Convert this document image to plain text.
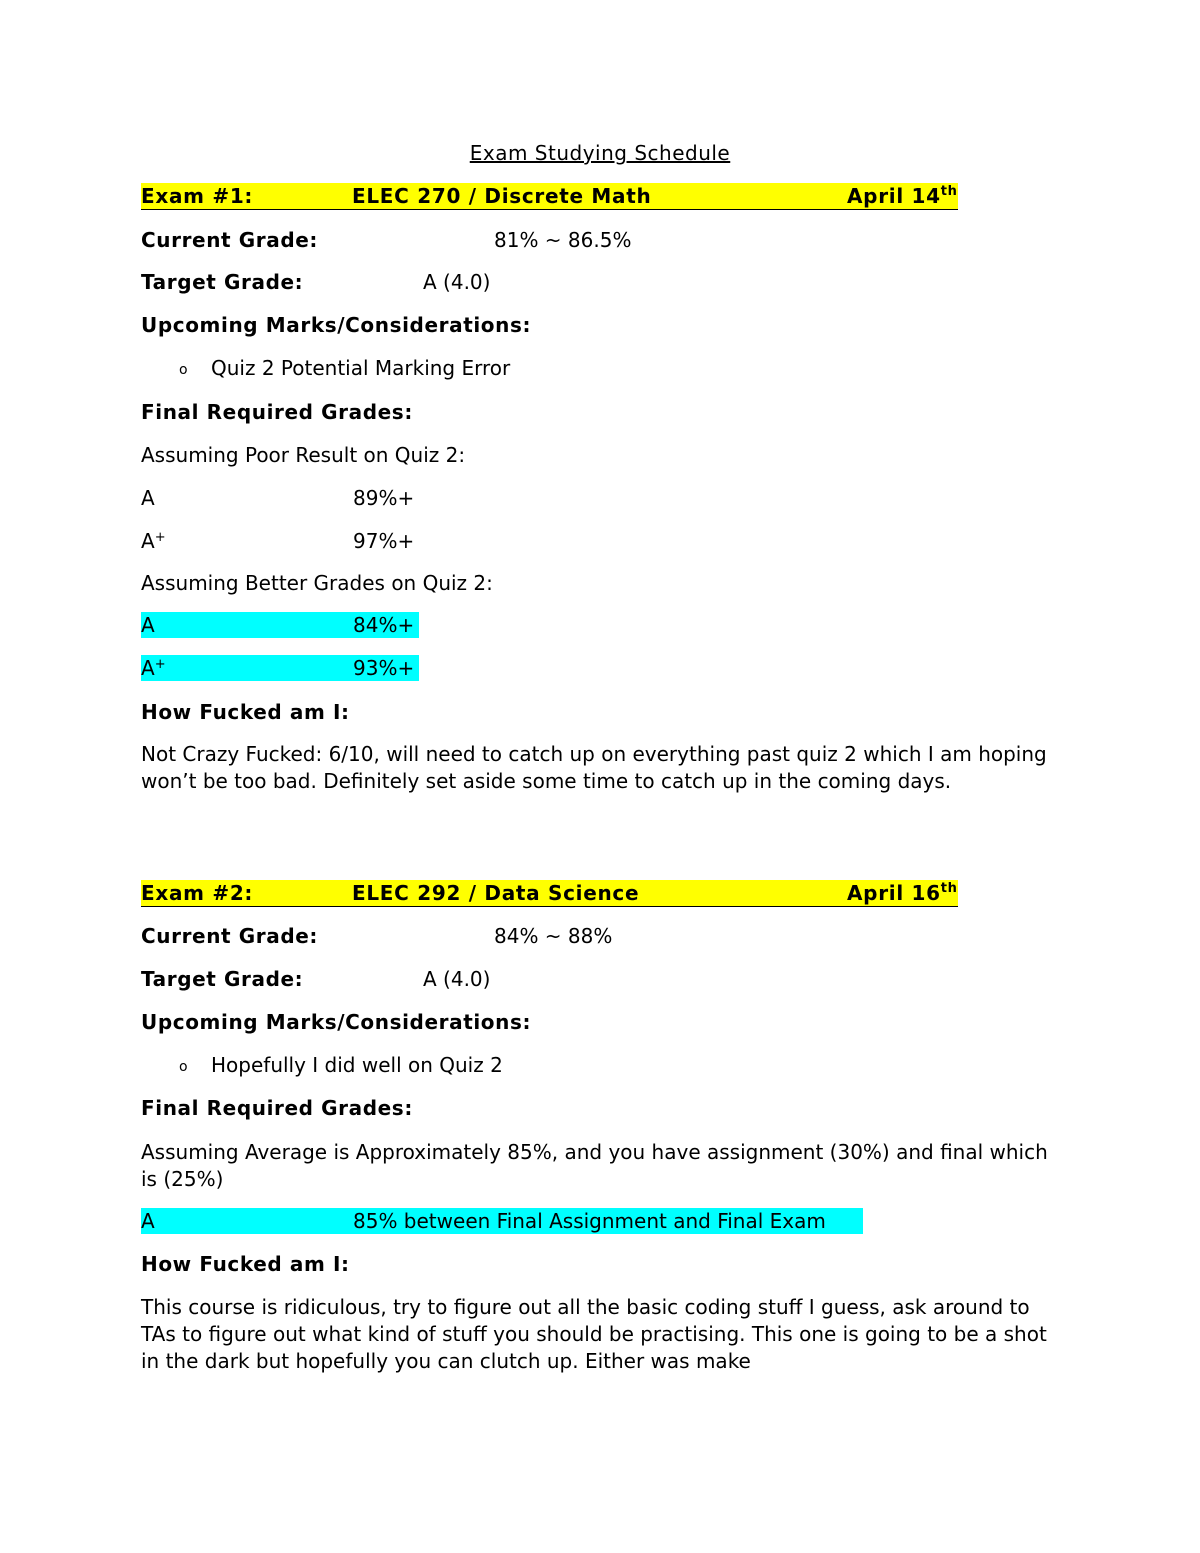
Exam Studying Schedule
Exam #1:	ELEC 270 / Discrete Math	April 14th
Current Grade:	81% ~ 86.5%
Target Grade:	A (4.0)
Upcoming Marks/Considerations:
o Quiz 2 Potential Marking Error
Final Required Grades:
Assuming Poor Result on Quiz 2:
A	89%+
A+	97%+
Assuming Better Grades on Quiz 2:
A	84%+
A+	93%+
How Fucked am I:
Not Crazy Fucked: 6/10, will need to catch up on everything past quiz 2 which I am hoping won’t be too bad. Definitely set aside some time to catch up in the coming days.
Exam #2:	ELEC 292 / Data Science	April 16th
Current Grade:	84% ~ 88%
Target Grade:	A (4.0)
Upcoming Marks/Considerations:
o Hopefully I did well on Quiz 2
Final Required Grades:
Assuming Average is Approximately 85%, and you have assignment (30%) and final which is (25%)
A	85% between Final Assignment and Final Exam
How Fucked am I:
This course is ridiculous, try to figure out all the basic coding stuff I guess, ask around to TAs to figure out what kind of stuff you should be practising. This one is going to be a shot in the dark but hopefully you can clutch up. Either was make
